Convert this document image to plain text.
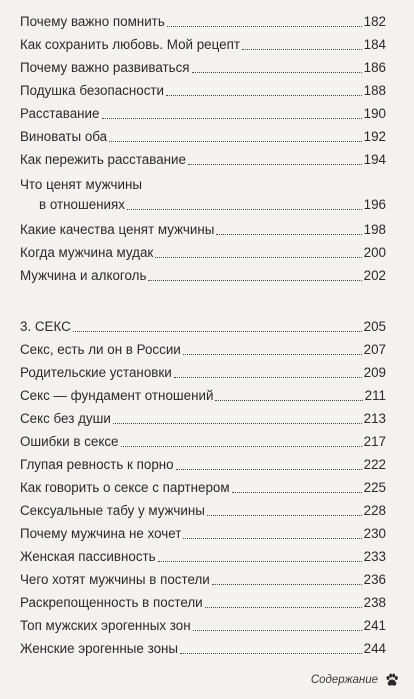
Почему важно помнить	182
Как сохранить любовь. Мой рецепт	184
Почему важно развиваться	186
Подушка безопасности	188
Расставание	190
Виноваты оба	192
Как пережить расставание	194
Что ценят мужчины
в отношениях	196
Какие качества ценят мужчины	198
Когда мужчина мудак	200
Мужчина и алкоголь	202
3. СЕКС	205
Секс, есть ли он в России	207
Родительские установки	209
Секс — фундамент отношений	211
Секс без души	213
Ошибки в сексе	217
Глупая ревность к порно	222
Как говорить о сексе с партнером	225
Сексуальные табу у мужчины	228
Почему мужчина не хочет	230
Женская пассивность	233
Чего хотят мужчины в постели	236
Раскрепощенность в постели	238
Топ мужских эрогенных зон	241
Женские эрогенные зоны	244
Содержание
